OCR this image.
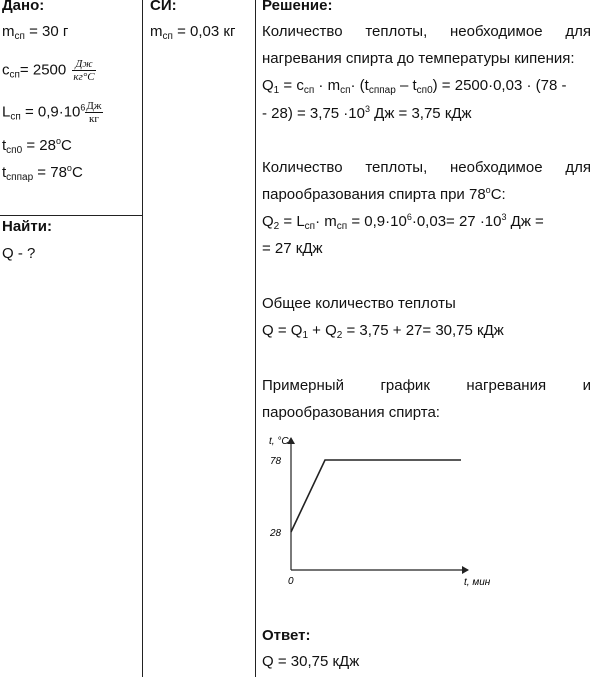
Дано:
$m_{сп} = 30$ г
$c_{сп}= 2500 \frac{Дж}{кг^\circ C}$
$L_{сп} = 0,9\cdot 10^6 \frac{Дж}{кг}$
$t_{сп0} = 28^oC$
$t_{сппар} = 78^oC$
Найти:
Q - ?
СИ:
$m_{сп} = 0,03$ кг
Решение:
Количество теплоты, необходимое для
нагревания спирта до температуры кипения:
$Q_1 = c_{сп} \cdot m_{сп}\cdot (t_{сппар} - t_{сп0}) = 2500\cdot 0,03 \cdot (78$ -
- $28) = 3,75 \cdot 10^3$ Дж = 3,75 кДж
Количество теплоты, необходимое для
парообразования спирта при 78$^o$C:
$Q_2 = L_{сп}\cdot m_{сп} = 0,9\cdot 10^6\cdot 0,03= 27 \cdot 10^3$ Дж =
= 27 кДж
Общее количество теплоты
$Q = Q_1 + Q_2 = 3,75 + 27= 30,75$ кДж
Примерный график нагревания и
парообразования спирта:
t, °C
78
28
0	t, мин
Ответ:
Q = 30,75 кДж
